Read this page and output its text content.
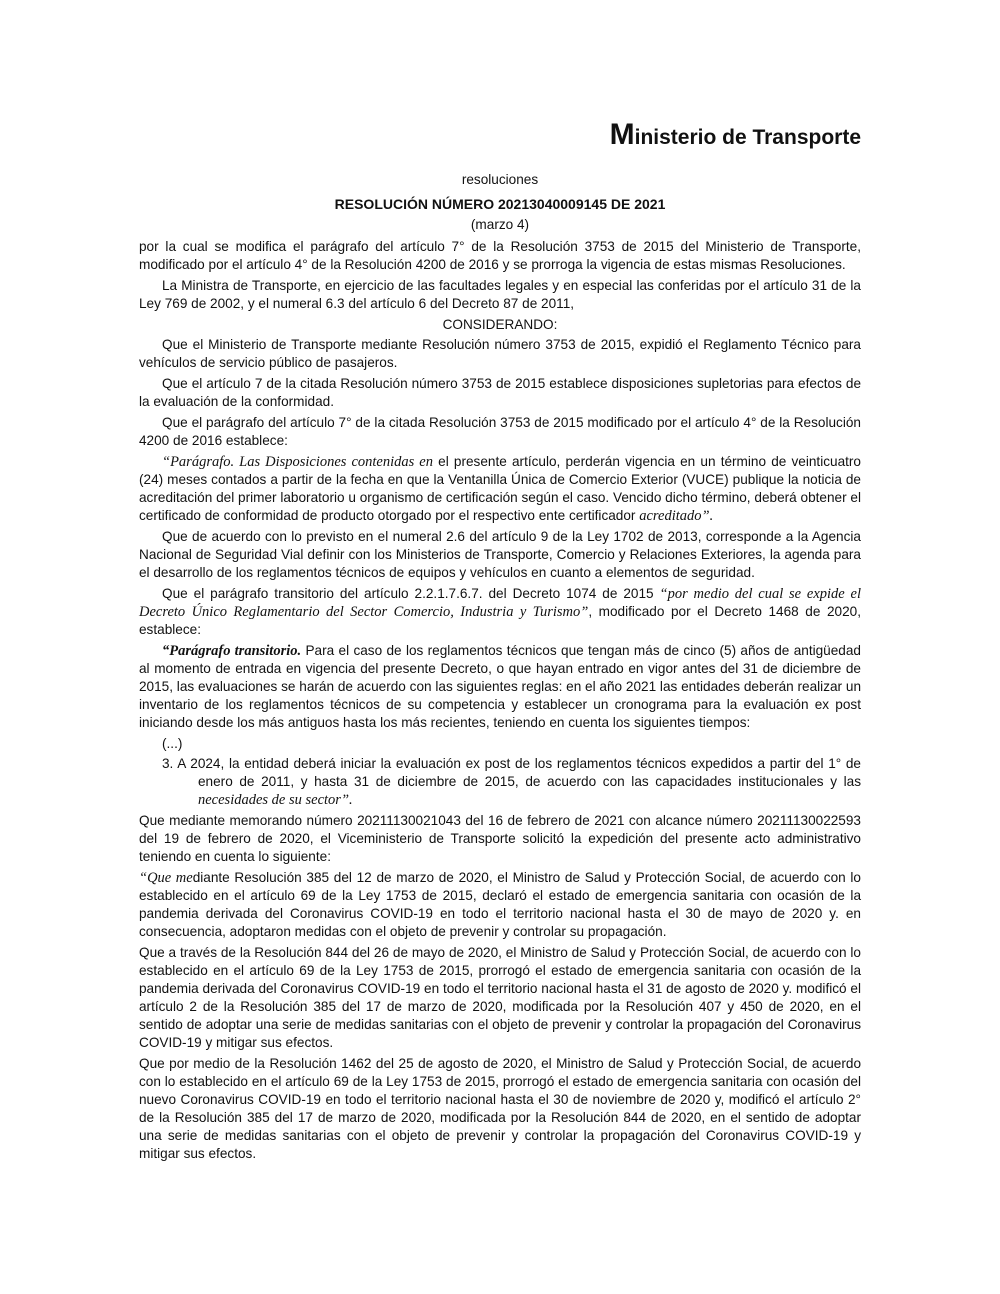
Ministerio de Transporte
resoluciones
RESOLUCIÓN NÚMERO 20213040009145 DE 2021
(marzo 4)

por la cual se modifica el parágrafo del artículo 7° de la Resolución 3753 de 2015 del Ministerio de Transporte, modificado por el artículo 4° de la Resolución 4200 de 2016 y se prorroga la vigencia de estas mismas Resoluciones.

La Ministra de Transporte, en ejercicio de las facultades legales y en especial las conferidas por el artículo 31 de la Ley 769 de 2002, y el numeral 6.3 del artículo 6 del Decreto 87 de 2011,

CONSIDERANDO:

Que el Ministerio de Transporte mediante Resolución número 3753 de 2015, expidió el Reglamento Técnico para vehículos de servicio público de pasajeros.

Que el artículo 7 de la citada Resolución número 3753 de 2015 establece disposiciones supletorias para efectos de la evaluación de la conformidad.

Que el parágrafo del artículo 7° de la citada Resolución 3753 de 2015 modificado por el artículo 4° de la Resolución 4200 de 2016 establece:

“Parágrafo. Las Disposiciones contenidas en el presente artículo, perderán vigencia en un término de veinticuatro (24) meses contados a partir de la fecha en que la Ventanilla Única de Comercio Exterior (VUCE) publique la noticia de acreditación del primer laboratorio u organismo de certificación según el caso. Vencido dicho término, deberá obtener el certificado de conformidad de producto otorgado por el respectivo ente certificador acreditado”.

Que de acuerdo con lo previsto en el numeral 2.6 del artículo 9 de la Ley 1702 de 2013, corresponde a la Agencia Nacional de Seguridad Vial definir con los Ministerios de Transporte, Comercio y Relaciones Exteriores, la agenda para el desarrollo de los reglamentos técnicos de equipos y vehículos en cuanto a elementos de seguridad.

Que el parágrafo transitorio del artículo 2.2.1.7.6.7. del Decreto 1074 de 2015 “por medio del cual se expide el Decreto Único Reglamentario del Sector Comercio, Industria y Turismo”, modificado por el Decreto 1468 de 2020, establece:

“Parágrafo transitorio. Para el caso de los reglamentos técnicos que tengan más de cinco (5) años de antigüedad al momento de entrada en vigencia del presente Decreto, o que hayan entrado en vigor antes del 31 de diciembre de 2015, las evaluaciones se harán de acuerdo con las siguientes reglas: en el año 2021 las entidades deberán realizar un inventario de los reglamentos técnicos de su competencia y establecer un cronograma para la evaluación ex post iniciando desde los más antiguos hasta los más recientes, teniendo en cuenta los siguientes tiempos:

(...)

3. A 2024, la entidad deberá iniciar la evaluación ex post de los reglamentos técnicos expedidos a partir del 1° de enero de 2011, y hasta 31 de diciembre de 2015, de acuerdo con las capacidades institucionales y las necesidades de su sector”.

Que mediante memorando número 20211130021043 del 16 de febrero de 2021 con alcance número 20211130022593 del 19 de febrero de 2020, el Viceministerio de Transporte solicitó la expedición del presente acto administrativo teniendo en cuenta lo siguiente:

“Que mediante Resolución 385 del 12 de marzo de 2020, el Ministro de Salud y Protección Social, de acuerdo con lo establecido en el artículo 69 de la Ley 1753 de 2015, declaró el estado de emergencia sanitaria con ocasión de la pandemia derivada del Coronavirus COVID-19 en todo el territorio nacional hasta el 30 de mayo de 2020 y. en consecuencia, adoptaron medidas con el objeto de prevenir y controlar su propagación.

Que a través de la Resolución 844 del 26 de mayo de 2020, el Ministro de Salud y Protección Social, de acuerdo con lo establecido en el artículo 69 de la Ley 1753 de 2015, prorrogó el estado de emergencia sanitaria con ocasión de la pandemia derivada del Coronavirus COVID-19 en todo el territorio nacional hasta el 31 de agosto de 2020 y. modificó el artículo 2 de la Resolución 385 del 17 de marzo de 2020, modificada por la Resolución 407 y 450 de 2020, en el sentido de adoptar una serie de medidas sanitarias con el objeto de prevenir y controlar la propagación del Coronavirus COVID-19 y mitigar sus efectos.

Que por medio de la Resolución 1462 del 25 de agosto de 2020, el Ministro de Salud y Protección Social, de acuerdo con lo establecido en el artículo 69 de la Ley 1753 de 2015, prorrogó el estado de emergencia sanitaria con ocasión del nuevo Coronavirus COVID-19 en todo el territorio nacional hasta el 30 de noviembre de 2020 y, modificó el artículo 2° de la Resolución 385 del 17 de marzo de 2020, modificada por la Resolución 844 de 2020, en el sentido de adoptar una serie de medidas sanitarias con el objeto de prevenir y controlar la propagación del Coronavirus COVID-19 y mitigar sus efectos.
